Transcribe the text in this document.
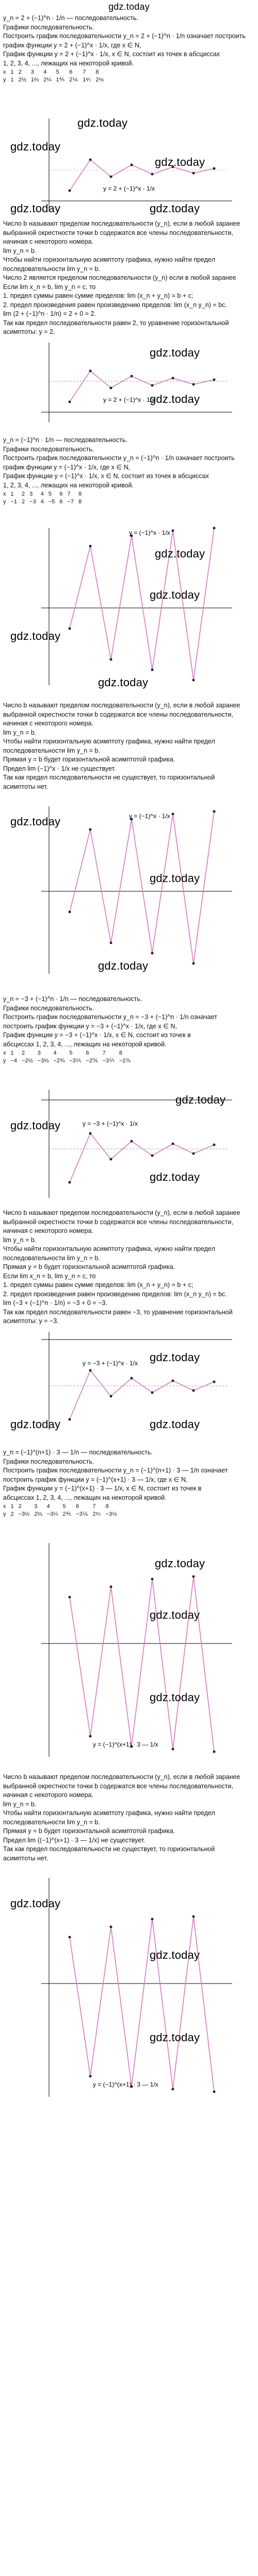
gdz.today
y_n = 2 + (−1)^n · 1/n — последовательность.
Графики последовательность.
Построить график последовательности y_n = 2 + (−1)^n · 1/n означает построить
график функции y = 2 + (−1)^x · 1/x, где x ∈ N,
График функции y = 2 + (−1)^x · 1/x, x ∈ N, состоит из точек в абсциссах
1, 2, 3, 4, ..., лежащих на некоторой кривой.
x	1	2	3	4	5	6	7	8
y	1	2½	1⅔	2¼	1⅘	2⅙	1⁶⁄₇	2⅛
y = 2 + (−1)^x · 1/x
gdz.today
gdz.today
gdz.today
gdz.today	gdz.today
Число b называют пределом последовательности (y_n), если в любой заранее
выбранной окрестности точки b содержатся все члены последовательности,
начиная с некоторого номера.
lim y_n = b.
Чтобы найти горизонтальную асимптоту графика, нужно найти предел
последовательности lim y_n = b.
Число 2 является пределом последовательности (y_n) если в любой заранее
Если lim x_n = b, lim y_n = c, то
1. предел суммы равен сумме пределов: lim (x_n + y_n) = b + c;
2. предел произведения равен произведению пределов: lim (x_n y_n) = bc.
lim (2 + (−1)^n · 1/n) = 2 + 0 = 2.
Так как предел последовательности равен 2, то уравнение горизонтальной
асимптоты: y = 2.
y = 2 + (−1)^x · 1/x
gdz.today
gdz.today
y_n = (−1)^n · 1/n — последовательность.
Графики последовательность.
Построить график последовательности y_n = (−1)^n · 1/n означает построить
график функции y = (−1)^x · 1/x, где x ∈ N,
График функции y = (−1)^x · 1/x, x ∈ N, состоит из точек в абсциссах
1, 2, 3, 4, ..., лежащих на некоторой кривой.
x	1	2	3	4	5	6	7	8
y	−1	2	−3	4	−5	6	−7	8
y = (−1)^x · 1/x
gdz.today
gdz.today
gdz.today
gdz.today
Число b называют пределом последовательности (y_n), если в любой заранее
выбранной окрестности точки b содержатся все члены последовательности,
начиная с некоторого номера.
lim y_n = b.
Чтобы найти горизонтальную асимптоту графика, нужно найти предел
последовательности lim y_n = b.
Прямая y = b будет горизонтальной асимптотой графика.
Предел lim (−1)^x · 1/x не существует.
Так как предел последовательности не существует, то горизонтальной
асимптоты нет.
y = (−1)^x · 1/x
gdz.today
gdz.today
gdz.today
y_n = −3 + (−1)^n · 1/n — последовательность.
Графики последовательность.
Построить график последовательности y_n = −3 + (−1)^n · 1/n означает
построить график функции y = −3 + (−1)^x · 1/x, где x ∈ N,
График функции y = −3 + (−1)^x · 1/x, x ∈ N, состоит из точек в
абсциссах 1, 2, 3, 4, ..., лежащих на некоторой кривой.
x	1	2	3	4	5	6	7	8
y	−4	−2½	−3⅓	−2¾	−3⅕	−2⅚	−3⅐	−2⅞
y = −3 + (−1)^x · 1/x
gdz.today
gdz.today
gdz.today
Число b называют пределом последовательности (y_n), если в любой заранее
выбранной окрестности точки b содержатся все члены последовательности,
начиная с некоторого номера.
lim y_n = b.
Чтобы найти горизонтальную асимптоту графика, нужно найти предел
последовательности lim y_n = b.
Прямая y = b будет горизонтальной асимптотой графика.
Если lim x_n = b, lim y_n = c, то
1. предел суммы равен сумме пределов: lim (x_n + y_n) = b + c;
2. предел произведения равен произведению пределов: lim (x_n y_n) = bc.
lim (−3 + (−1)^n · 1/n) = −3 + 0 = −3.
Так как предел последовательности равен −3, то уравнение горизонтальной
асимптоты: y = −3.
y = −3 + (−1)^x · 1/x gdz.today
gdz.today	gdz.today
y_n = (−1)^(n+1) · 3 — 1/n — последовательность.
Графики последовательность.
Построить график последовательности y_n = (−1)^(n+1) · 3 — 1/n означает
построить график функции y = (−1)^(x+1) · 3 — 1/x, где x ∈ N,
График функции y = (−1)^(x+1) · 3 — 1/x, x ∈ N, состоит из точек в
абсциссах 1, 2, 3, 4, ..., лежащих на некоторой кривой.
x	1	2	3	4	5	6	7	8
y	2	−3½	2⅔	−3¼	2⅘	−3⅙	2⁶⁄₇	−3⅛
y = (−1)^(x+1) · 3 — 1/x
gdz.today
gdz.today
gdz.today
Число b называют пределом последовательности (y_n), если в любой заранее
выбранной окрестности точки b содержатся все члены последовательности,
начиная с некоторого номера.
lim y_n = b.
Чтобы найти горизонтальную асимптоту графика, нужно найти предел
последовательности lim y_n = b.
Прямая y = b будет горизонтальной асимптотой графика.
Предел lim ((−1)^(x+1) · 3 — 1/x) не существует.
Так как предел последовательности не существует, то горизонтальной
асимптоты нет.
y = (−1)^(x+1) · 3 — 1/x
gdz.today
gdz.today
gdz.today
